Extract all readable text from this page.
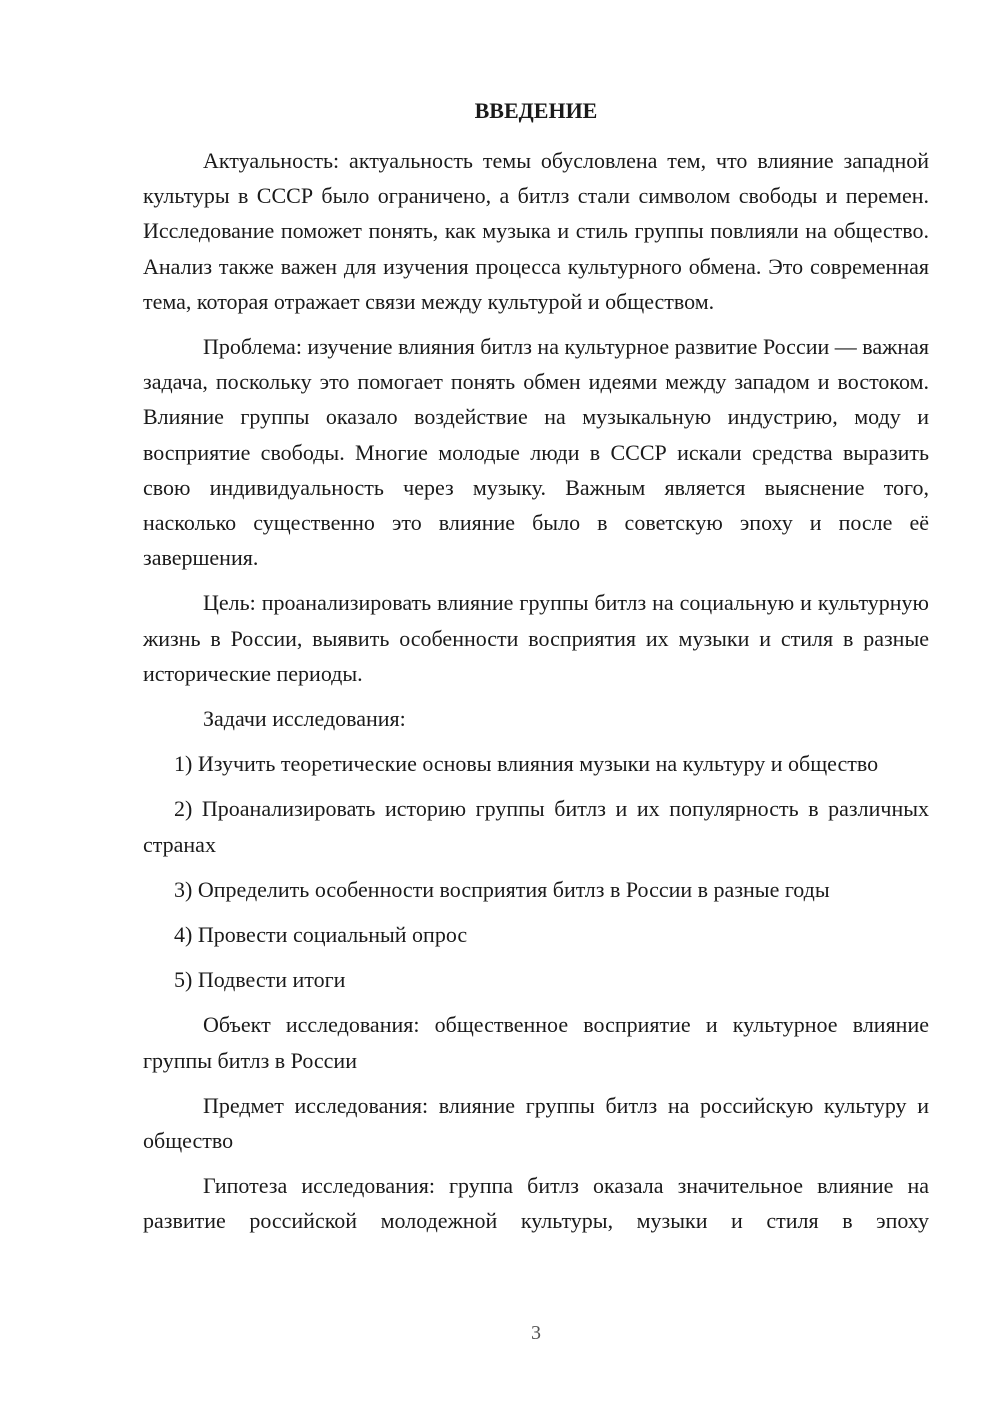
ВВЕДЕНИЕ

Актуальность: актуальность темы обусловлена тем, что влияние западной культуры в СССР было ограничено, а битлз стали символом свободы и перемен. Исследование поможет понять, как музыка и стиль группы повлияли на общество. Анализ также важен для изучения процесса культурного обмена. Это современная тема, которая отражает связи между культурой и обществом.

Проблема: изучение влияния битлз на культурное развитие России — важная задача, поскольку это помогает понять обмен идеями между западом и востоком. Влияние группы оказало воздействие на музыкальную индустрию, моду и восприятие свободы. Многие молодые люди в СССР искали средства выразить свою индивидуальность через музыку. Важным является выяснение того, насколько существенно это влияние было в советскую эпоху и после её завершения.

Цель: проанализировать влияние группы битлз на социальную и культурную жизнь в России, выявить особенности восприятия их музыки и стиля в разные исторические периоды.

Задачи исследования:

1) Изучить теоретические основы влияния музыки на культуру и общество

2) Проанализировать историю группы битлз и их популярность в различных странах

3) Определить особенности восприятия битлз в России в разные годы

4) Провести социальный опрос

5) Подвести итоги

Объект исследования: общественное восприятие и культурное влияние группы битлз в России

Предмет исследования: влияние группы битлз на российскую культуру и общество

Гипотеза исследования: группа битлз оказала значительное влияние на развитие российской молодежной культуры, музыки и стиля в эпоху

3
